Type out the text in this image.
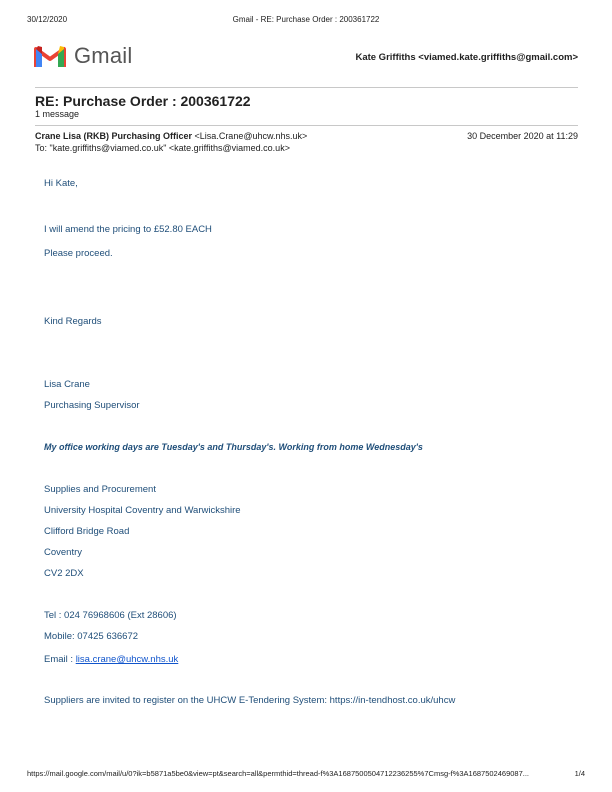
30/12/2020	Gmail - RE: Purchase Order : 200361722
Gmail	Kate Griffiths <viamed.kate.griffiths@gmail.com>
RE: Purchase Order : 200361722
1 message
Crane Lisa (RKB) Purchasing Officer <Lisa.Crane@uhcw.nhs.uk>	30 December 2020 at 11:29
To: "kate.griffiths@viamed.co.uk" <kate.griffiths@viamed.co.uk>
Hi Kate,
I will amend the pricing to £52.80 EACH
Please proceed.
Kind Regards
Lisa Crane
Purchasing Supervisor
My office working days are Tuesday's and Thursday's. Working from home Wednesday's
Supplies and Procurement
University Hospital Coventry and Warwickshire
Clifford Bridge Road
Coventry
CV2 2DX
Tel : 024 76968606 (Ext 28606)
Mobile: 07425 636672
Email : lisa.crane@uhcw.nhs.uk
Suppliers are invited to register on the UHCW E-Tendering System: https://in-tendhost.co.uk/uhcw
https://mail.google.com/mail/u/0?ik=b5871a5be0&view=pt&search=all&permthid=thread-f%3A1687500504712236255%7Cmsg-f%3A1687502469087...	1/4
